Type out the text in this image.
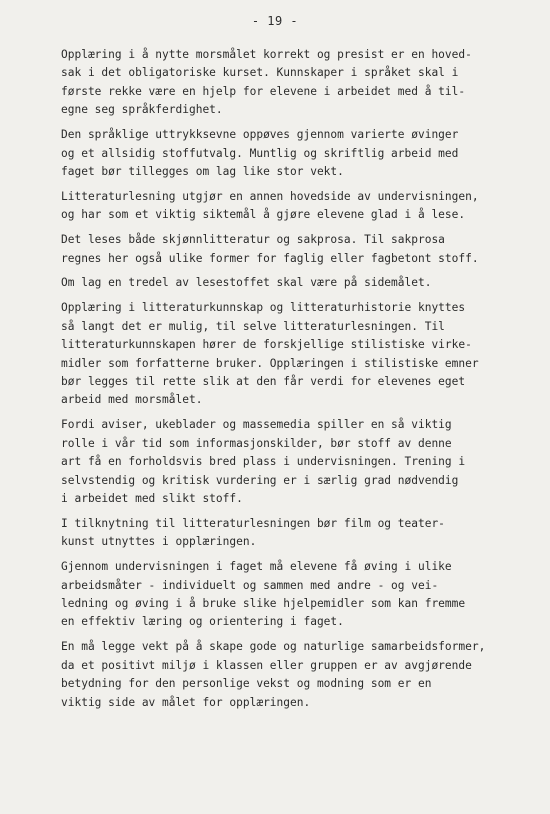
- 19 -

Opplæring i å nytte morsmålet korrekt og presist er en hoved-
sak i det obligatoriske kurset. Kunnskaper i språket skal i
første rekke være en hjelp for elevene i arbeidet med å til-
egne seg språkferdighet.

Den språklige uttrykksevne oppøves gjennom varierte øvinger
og et allsidig stoffutvalg. Muntlig og skriftlig arbeid med
faget bør tillegges om lag like stor vekt.

Litteraturlesning utgjør en annen hovedside av undervisningen,
og har som et viktig siktemål å gjøre elevene glad i å lese.

Det leses både skjønnlitteratur og sakprosa. Til sakprosa
regnes her også ulike former for faglig eller fagbetont stoff.

Om lag en tredel av lesestoffet skal være på sidemålet.

Opplæring i litteraturkunnskap og litteraturhistorie knyttes
så langt det er mulig, til selve litteraturlesningen. Til
litteraturkunnskapen hører de forskjellige stilistiske virke-
midler som forfatterne bruker. Opplæringen i stilistiske emner
bør legges til rette slik at den får verdi for elevenes eget
arbeid med morsmålet.

Fordi aviser, ukeblader og massemedia spiller en så viktig
rolle i vår tid som informasjonskilder, bør stoff av denne
art få en forholdsvis bred plass i undervisningen. Trening i
selvstendig og kritisk vurdering er i særlig grad nødvendig
i arbeidet med slikt stoff.

I tilknytning til litteraturlesningen bør film og teater-
kunst utnyttes i opplæringen.

Gjennom undervisningen i faget må elevene få øving i ulike
arbeidsmåter - individuelt og sammen med andre - og vei-
ledning og øving i å bruke slike hjelpemidler som kan fremme
en effektiv læring og orientering i faget.

En må legge vekt på å skape gode og naturlige samarbeidsformer,
da et positivt miljø i klassen eller gruppen er av avgjørende
betydning for den personlige vekst og modning som er en
viktig side av målet for opplæringen.
